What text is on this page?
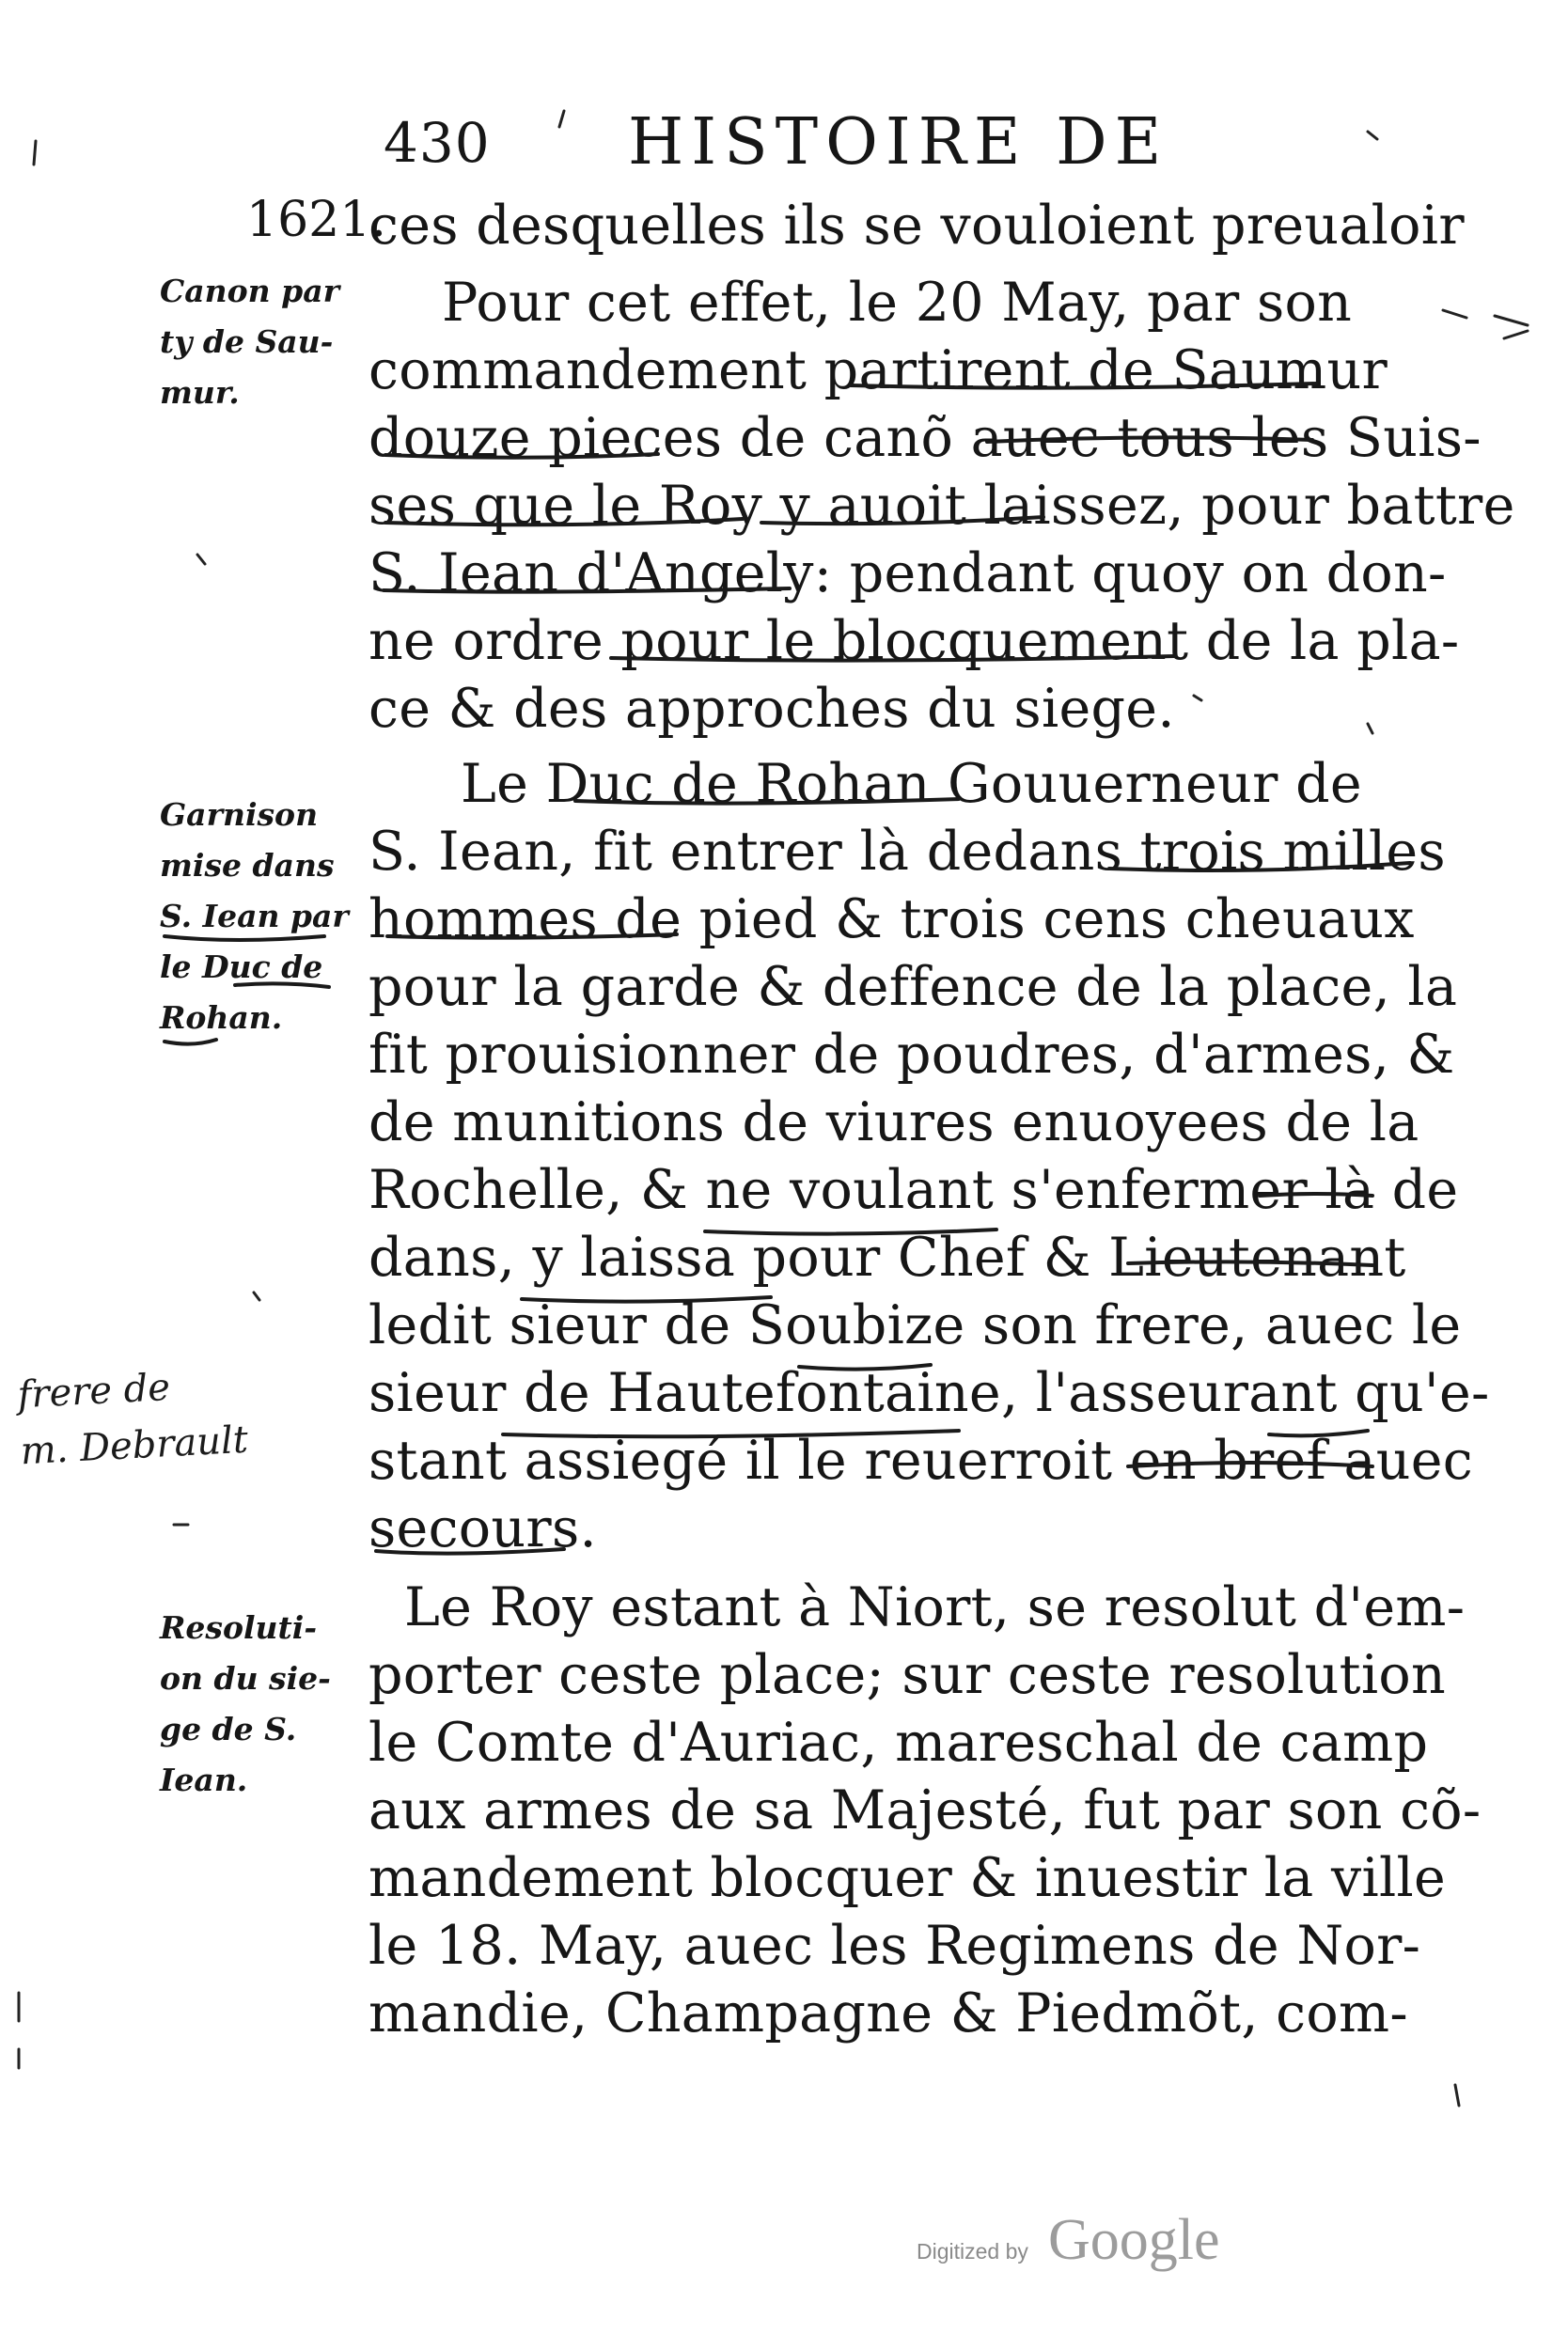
430 HISTOIRE DE
1621.
Canon par
ty de Sau-
mur.
Garnison
mise dans
S. Iean par
le Duc de
Rohan.
Resoluti-
on du sie-
ge de S.
Iean.
frere de
m. Debrault
ces desquelles ils se vouloient preualoir
Pour cet effet, le 20 May, par son
commandement partirent de Saumur
douze pieces de canõ auec tous les Suis-
ses que le Roy y auoit laissez, pour battre
S. Iean d'Angely: pendant quoy on don-
ne ordre pour le blocquement de la pla-
ce & des approches du siege.
Le Duc de Rohan Gouuerneur de
S. Iean, fit entrer là dedans trois milles
hommes de pied & trois cens cheuaux
pour la garde & deffence de la place, la
fit prouisionner de poudres, d'armes, &
de munitions de viures enuoyees de la
Rochelle, & ne voulant s'enfermer là de
dans, y laissa pour Chef & Lieutenant
ledit sieur de Soubize son frere, auec le
sieur de Hautefontaine, l'asseurant qu'e-
stant assiegé il le reuerroit en bref auec
secours.
Le Roy estant à Niort, se resolut d'em-
porter ceste place; sur ceste resolution
le Comte d'Auriac, mareschal de camp
aux armes de sa Majesté, fut par son cõ-
mandement blocquer & inuestir la ville
le 18. May, auec les Regimens de Nor-
mandie, Champagne & Piedmõt, com-
Digitized by Google
